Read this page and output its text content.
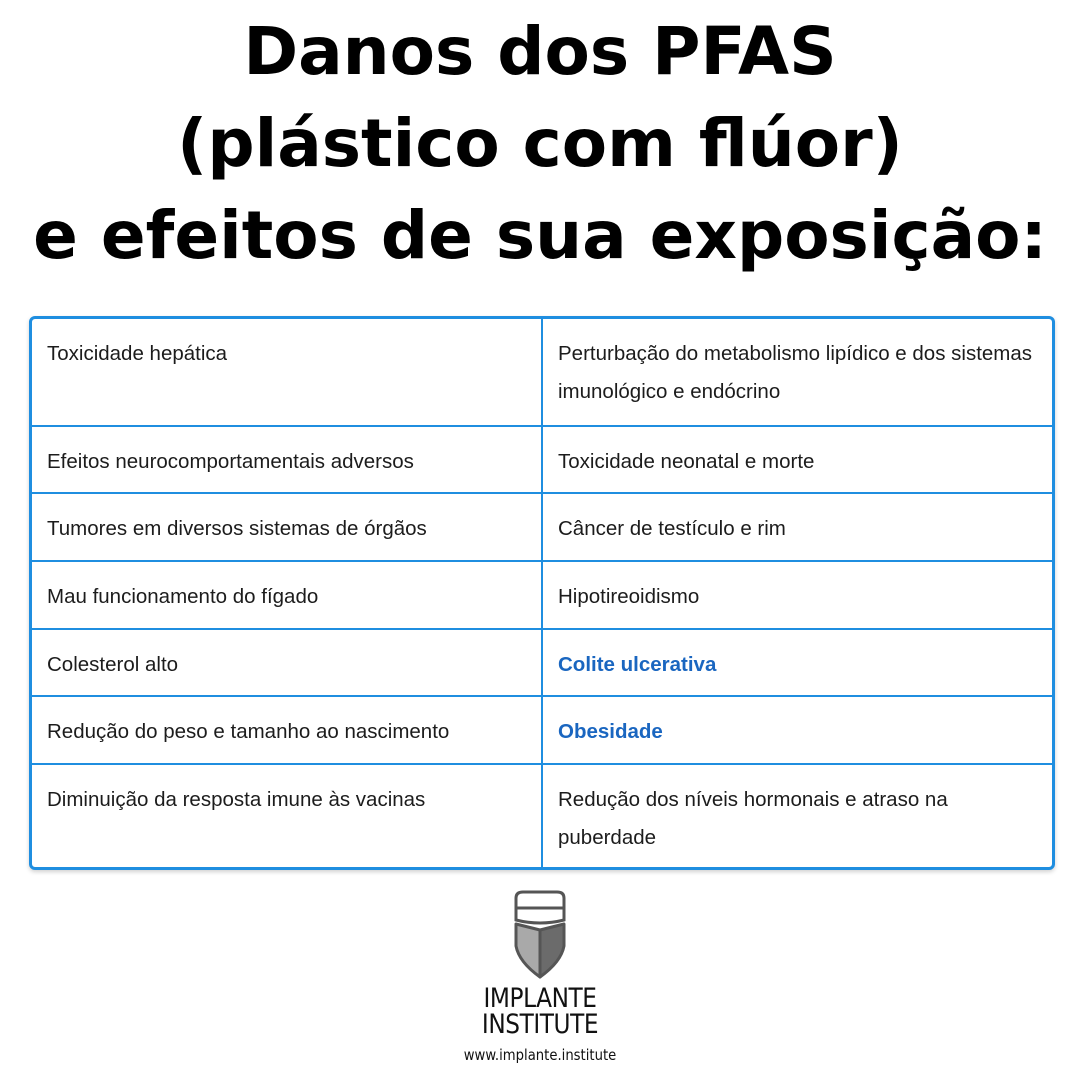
Danos dos PFAS
(plástico com flúor)
e efeitos de sua exposição:
Toxicidade hepática	Perturbação do metabolismo lipídico e dos sistemas imunológico e endócrino
Efeitos neurocomportamentais adversos	Toxicidade neonatal e morte
Tumores em diversos sistemas de órgãos	Câncer de testículo e rim
Mau funcionamento do fígado	Hipotireoidismo
Colesterol alto	Colite ulcerativa
Redução do peso e tamanho ao nascimento	Obesidade
Diminuição da resposta imune às vacinas	Redução dos níveis hormonais e atraso na puberdade
IMPLANTE
INSTITUTE
www.implante.institute
